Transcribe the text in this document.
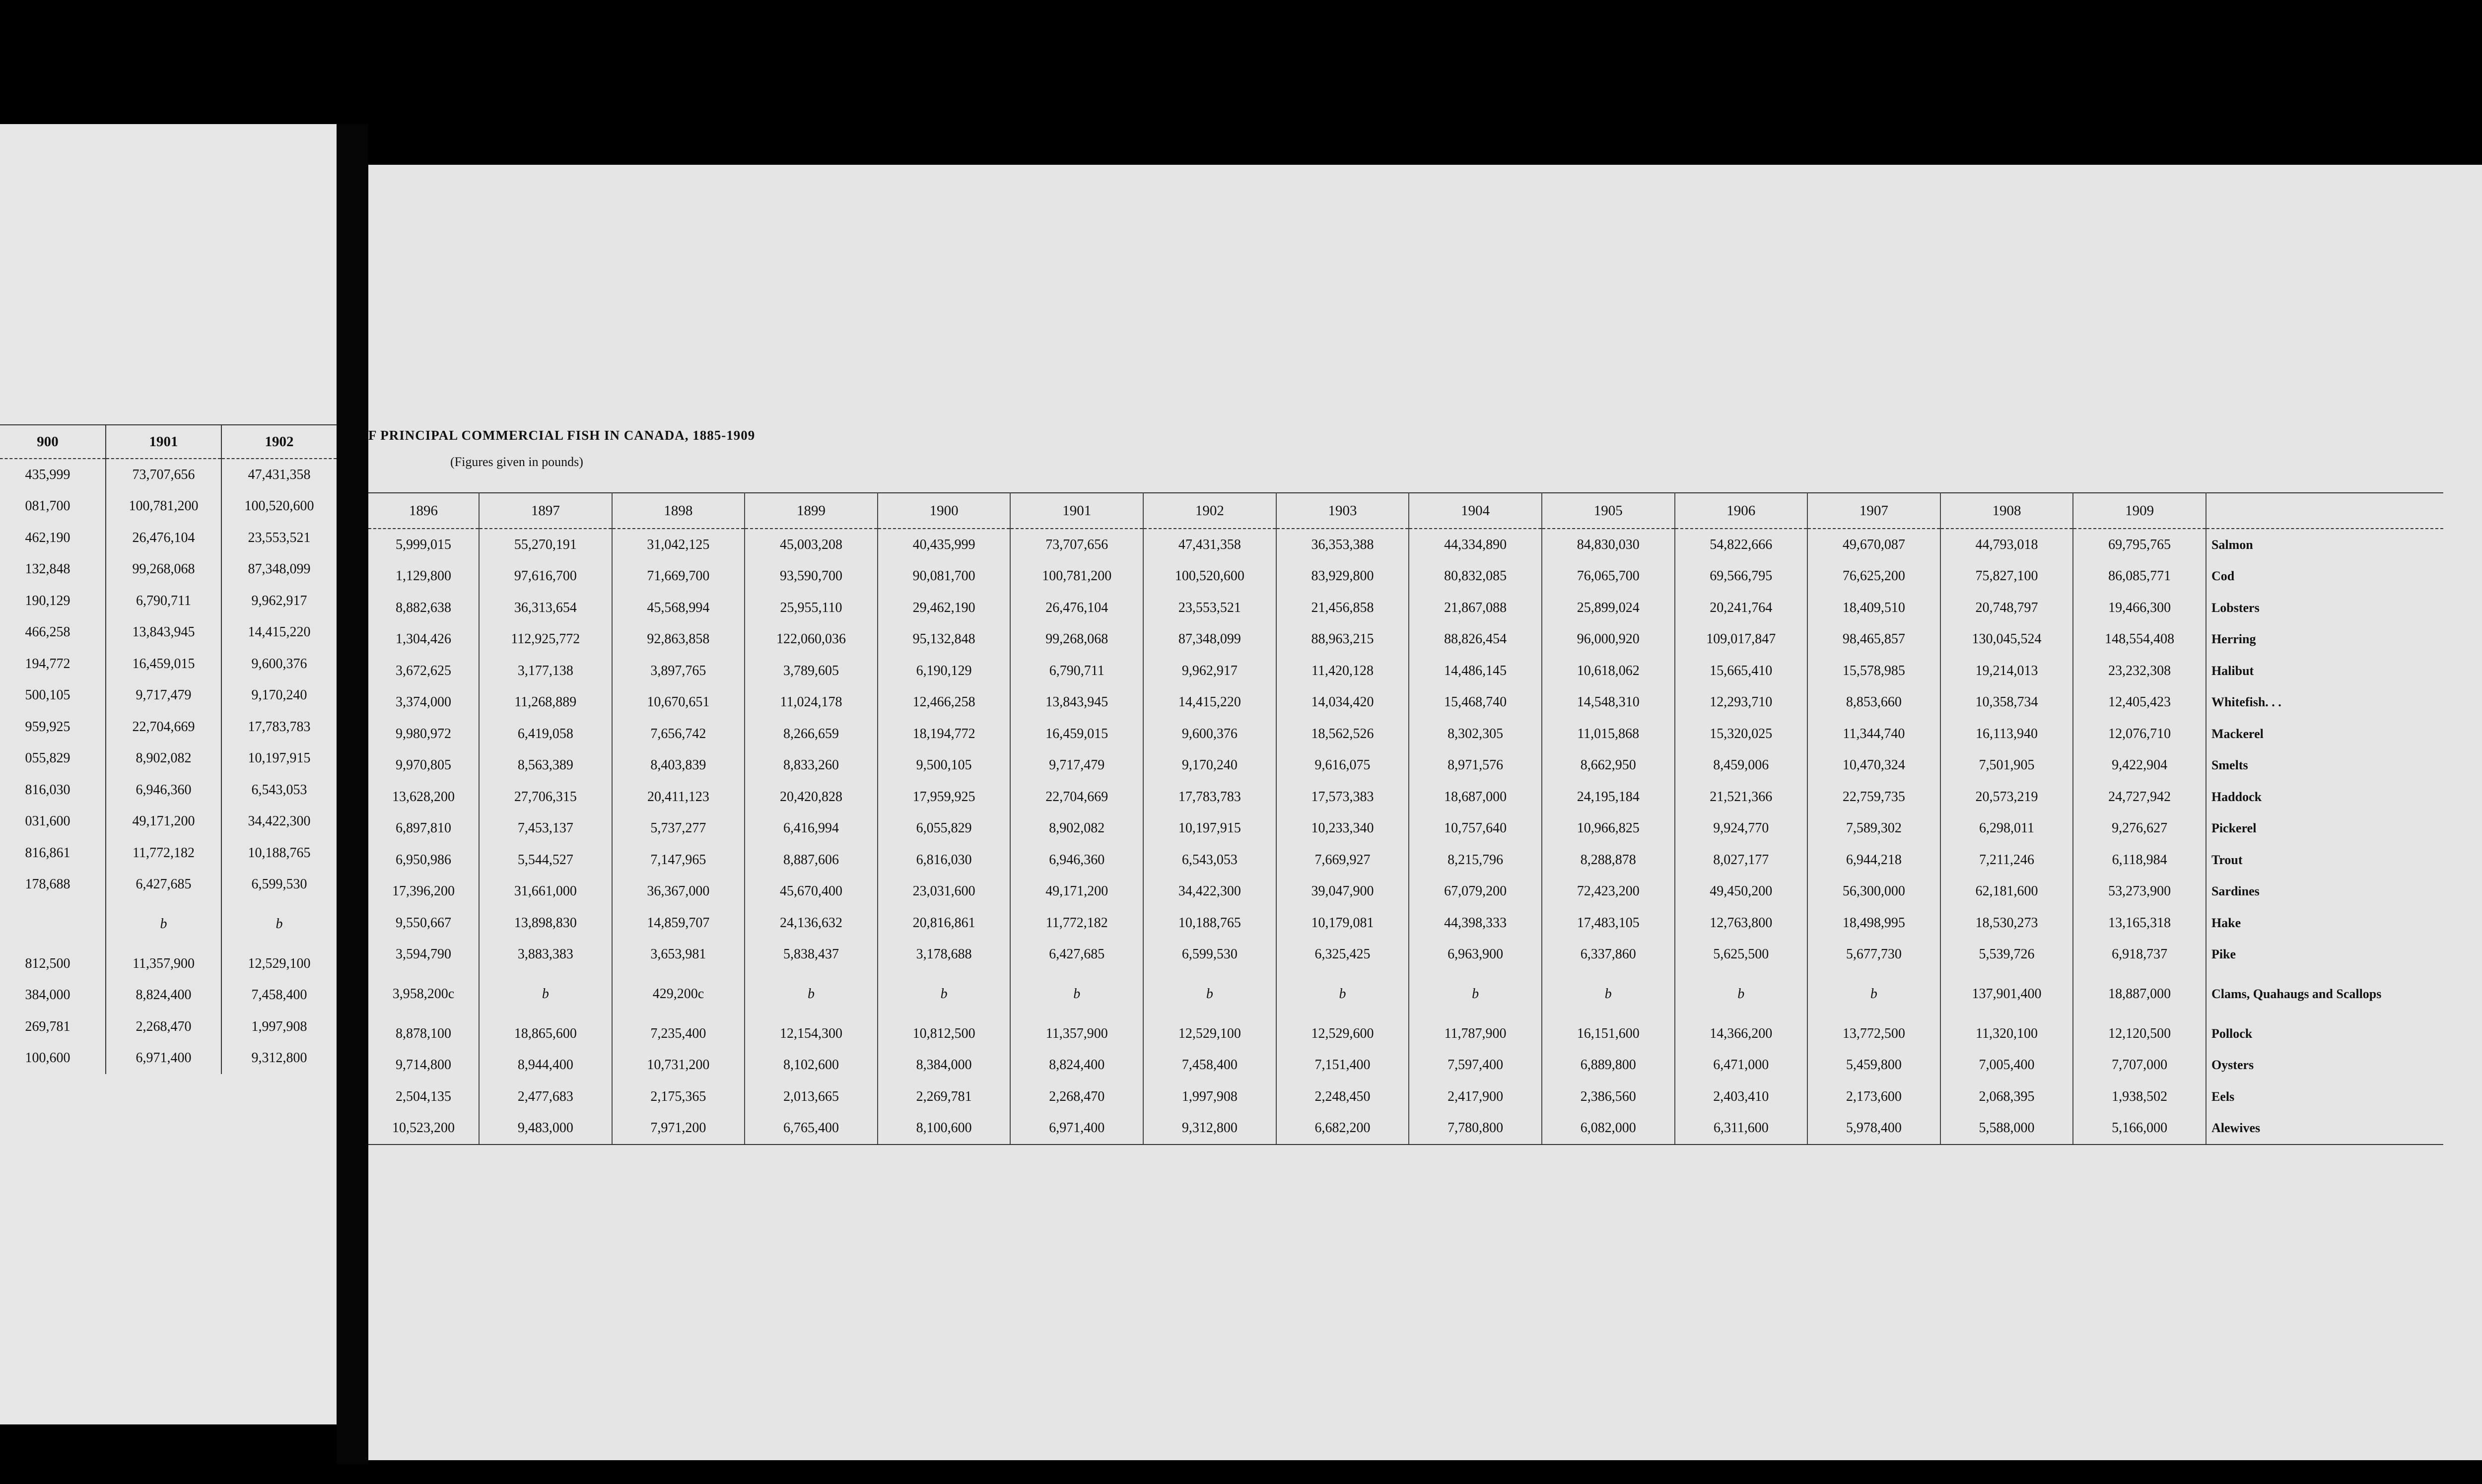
900	1901	1902
435,999	73,707,656	47,431,358
081,700	100,781,200	100,520,600
462,190	26,476,104	23,553,521
132,848	99,268,068	87,348,099
190,129	6,790,711	9,962,917
466,258	13,843,945	14,415,220
194,772	16,459,015	9,600,376
500,105	9,717,479	9,170,240
959,925	22,704,669	17,783,783
055,829	8,902,082	10,197,915
816,030	6,946,360	6,543,053
031,600	49,171,200	34,422,300
816,861	11,772,182	10,188,765
178,688	6,427,685	6,599,530
	b	b
812,500	11,357,900	12,529,100
384,000	8,824,400	7,458,400
269,781	2,268,470	1,997,908
100,600	6,971,400	9,312,800
F PRINCIPAL COMMERCIAL FISH IN CANADA, 1885-1909
(Figures given in pounds)
1896	1897	1898	1899	1900	1901	1902	1903	1904	1905	1906	1907	1908	1909	
5,999,015	55,270,191	31,042,125	45,003,208	40,435,999	73,707,656	47,431,358	36,353,388	44,334,890	84,830,030	54,822,666	49,670,087	44,793,018	69,795,765	Salmon
1,129,800	97,616,700	71,669,700	93,590,700	90,081,700	100,781,200	100,520,600	83,929,800	80,832,085	76,065,700	69,566,795	76,625,200	75,827,100	86,085,771	Cod
8,882,638	36,313,654	45,568,994	25,955,110	29,462,190	26,476,104	23,553,521	21,456,858	21,867,088	25,899,024	20,241,764	18,409,510	20,748,797	19,466,300	Lobsters
1,304,426	112,925,772	92,863,858	122,060,036	95,132,848	99,268,068	87,348,099	88,963,215	88,826,454	96,000,920	109,017,847	98,465,857	130,045,524	148,554,408	Herring
3,672,625	3,177,138	3,897,765	3,789,605	6,190,129	6,790,711	9,962,917	11,420,128	14,486,145	10,618,062	15,665,410	15,578,985	19,214,013	23,232,308	Halibut
3,374,000	11,268,889	10,670,651	11,024,178	12,466,258	13,843,945	14,415,220	14,034,420	15,468,740	14,548,310	12,293,710	8,853,660	10,358,734	12,405,423	Whitefish. . .
9,980,972	6,419,058	7,656,742	8,266,659	18,194,772	16,459,015	9,600,376	18,562,526	8,302,305	11,015,868	15,320,025	11,344,740	16,113,940	12,076,710	Mackerel
9,970,805	8,563,389	8,403,839	8,833,260	9,500,105	9,717,479	9,170,240	9,616,075	8,971,576	8,662,950	8,459,006	10,470,324	7,501,905	9,422,904	Smelts
13,628,200	27,706,315	20,411,123	20,420,828	17,959,925	22,704,669	17,783,783	17,573,383	18,687,000	24,195,184	21,521,366	22,759,735	20,573,219	24,727,942	Haddock
6,897,810	7,453,137	5,737,277	6,416,994	6,055,829	8,902,082	10,197,915	10,233,340	10,757,640	10,966,825	9,924,770	7,589,302	6,298,011	9,276,627	Pickerel
6,950,986	5,544,527	7,147,965	8,887,606	6,816,030	6,946,360	6,543,053	7,669,927	8,215,796	8,288,878	8,027,177	6,944,218	7,211,246	6,118,984	Trout
17,396,200	31,661,000	36,367,000	45,670,400	23,031,600	49,171,200	34,422,300	39,047,900	67,079,200	72,423,200	49,450,200	56,300,000	62,181,600	53,273,900	Sardines
9,550,667	13,898,830	14,859,707	24,136,632	20,816,861	11,772,182	10,188,765	10,179,081	44,398,333	17,483,105	12,763,800	18,498,995	18,530,273	13,165,318	Hake
3,594,790	3,883,383	3,653,981	5,838,437	3,178,688	6,427,685	6,599,530	6,325,425	6,963,900	6,337,860	5,625,500	5,677,730	5,539,726	6,918,737	Pike
3,958,200c	b	429,200c	b	b	b	b	b	b	b	b	b	137,901,400	18,887,000	Clams, Quahaugs and Scallops
8,878,100	18,865,600	7,235,400	12,154,300	10,812,500	11,357,900	12,529,100	12,529,600	11,787,900	16,151,600	14,366,200	13,772,500	11,320,100	12,120,500	Pollock
9,714,800	8,944,400	10,731,200	8,102,600	8,384,000	8,824,400	7,458,400	7,151,400	7,597,400	6,889,800	6,471,000	5,459,800	7,005,400	7,707,000	Oysters
2,504,135	2,477,683	2,175,365	2,013,665	2,269,781	2,268,470	1,997,908	2,248,450	2,417,900	2,386,560	2,403,410	2,173,600	2,068,395	1,938,502	Eels
10,523,200	9,483,000	7,971,200	6,765,400	8,100,600	6,971,400	9,312,800	6,682,200	7,780,800	6,082,000	6,311,600	5,978,400	5,588,000	5,166,000	Alewives
